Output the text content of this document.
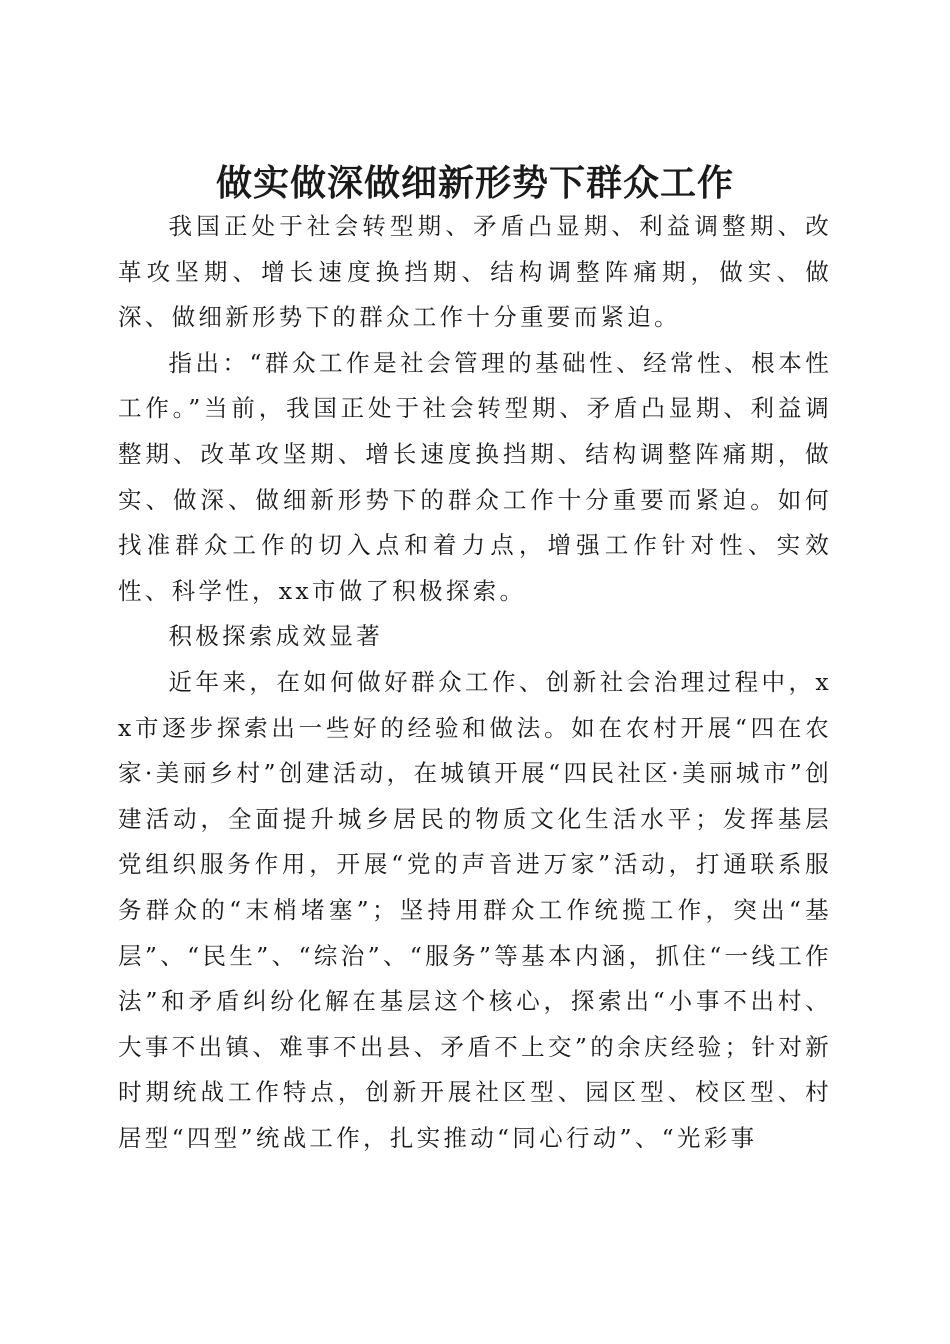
做实做深做细新形势下群众工作

我国正处于社会转型期、矛盾凸显期、利益调整期、改革攻坚期、增长速度换挡期、结构调整阵痛期，做实、做深、做细新形势下的群众工作十分重要而紧迫。

指出：“群众工作是社会管理的基础性、经常性、根本性工作。”当前，我国正处于社会转型期、矛盾凸显期、利益调整期、改革攻坚期、增长速度换挡期、结构调整阵痛期，做实、做深、做细新形势下的群众工作十分重要而紧迫。如何找准群众工作的切入点和着力点，增强工作针对性、实效性、科学性，xx市做了积极探索。

积极探索成效显著

近年来，在如何做好群众工作、创新社会治理过程中，xx市逐步探索出一些好的经验和做法。如在农村开展“四在农家·美丽乡村”创建活动，在城镇开展“四民社区·美丽城市”创建活动，全面提升城乡居民的物质文化生活水平；发挥基层党组织服务作用，开展“党的声音进万家”活动，打通联系服务群众的“末梢堵塞”；坚持用群众工作统揽工作，突出“基层”、“民生”、“综治”、“服务”等基本内涵，抓住“一线工作法”和矛盾纠纷化解在基层这个核心，探索出“小事不出村、大事不出镇、难事不出县、矛盾不上交”的余庆经验；针对新时期统战工作特点，创新开展社区型、园区型、校区型、村居型“四型”统战工作，扎实推动“同心行动”、“光彩事
